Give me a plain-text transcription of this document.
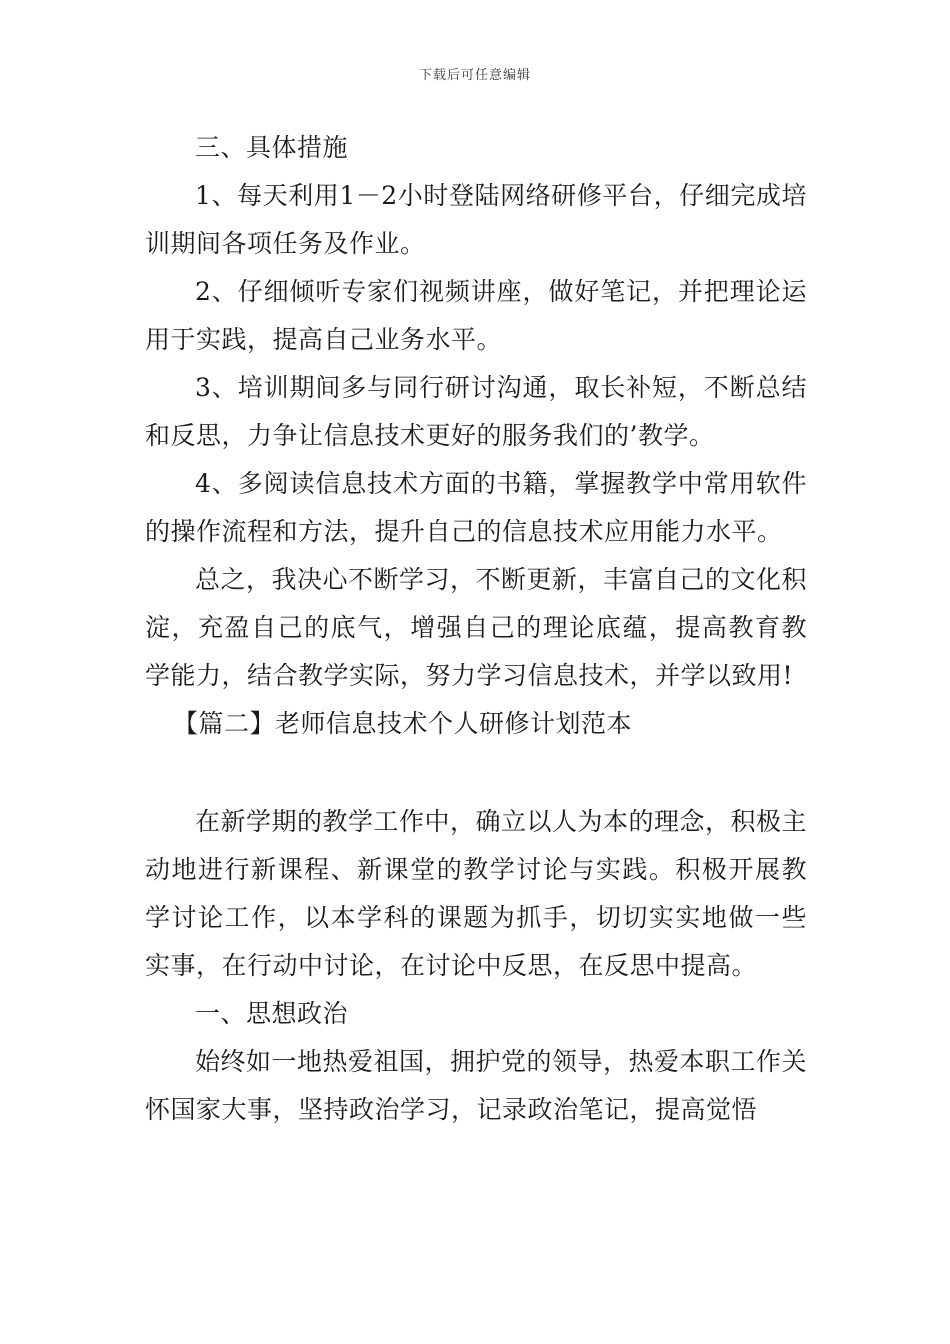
下载后可任意编辑

三、具体措施

1、每天利用1－2小时登陆网络研修平台，仔细完成培训期间各项任务及作业。

2、仔细倾听专家们视频讲座，做好笔记，并把理论运用于实践，提高自己业务水平。

3、培训期间多与同行研讨沟通，取长补短，不断总结和反思，力争让信息技术更好的服务我们的’教学。

4、多阅读信息技术方面的书籍，掌握教学中常用软件的操作流程和方法，提升自己的信息技术应用能力水平。

总之，我决心不断学习，不断更新，丰富自己的文化积淀，充盈自己的底气，增强自己的理论底蕴，提高教育教学能力，结合教学实际，努力学习信息技术，并学以致用!

【篇二】老师信息技术个人研修计划范本

在新学期的教学工作中，确立以人为本的理念，积极主动地进行新课程、新课堂的教学讨论与实践。积极开展教学讨论工作，以本学科的课题为抓手，切切实实地做一些实事，在行动中讨论，在讨论中反思，在反思中提高。

一、思想政治

始终如一地热爱祖国，拥护党的领导，热爱本职工作关怀国家大事，坚持政治学习，记录政治笔记，提高觉悟
